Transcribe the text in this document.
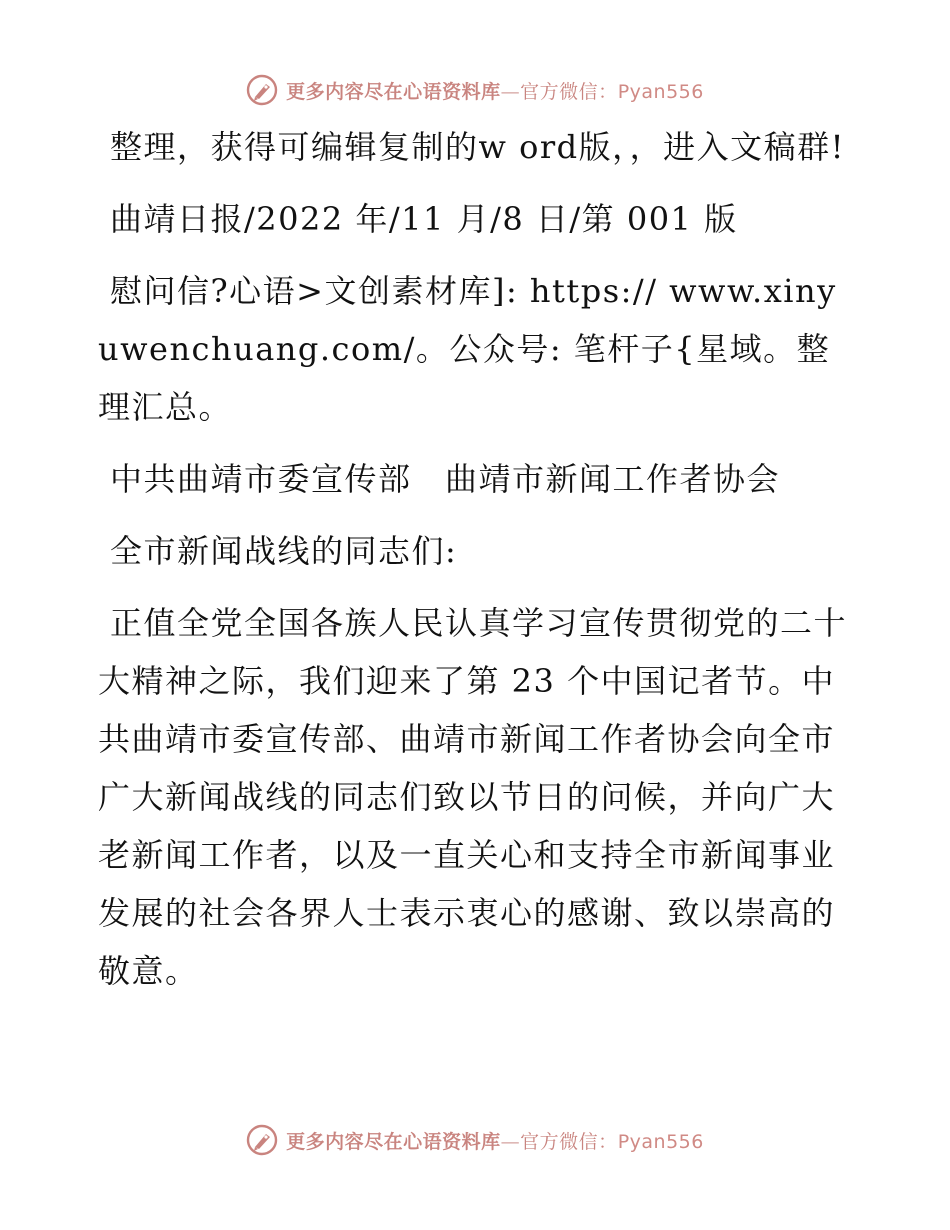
更多内容尽在心语资料库—官方微信：Pyan556

整理，获得可编辑复制的w ord版，，进入文稿群!

曲靖日报/2022 年/11 月/8 日/第 001 版

慰问信?心语>文创素材库]: https:// www.xinyuwenchuang.com/。公众号: 笔杆子{星域。整理汇总。

中共曲靖市委宣传部　曲靖市新闻工作者协会

全市新闻战线的同志们:

正值全党全国各族人民认真学习宣传贯彻党的二十大精神之际，我们迎来了第 23 个中国记者节。中共曲靖市委宣传部、曲靖市新闻工作者协会向全市广大新闻战线的同志们致以节日的问候，并向广大老新闻工作者，以及一直关心和支持全市新闻事业发展的社会各界人士表示衷心的感谢、致以崇高的敬意。

更多内容尽在心语资料库—官方微信：Pyan556
